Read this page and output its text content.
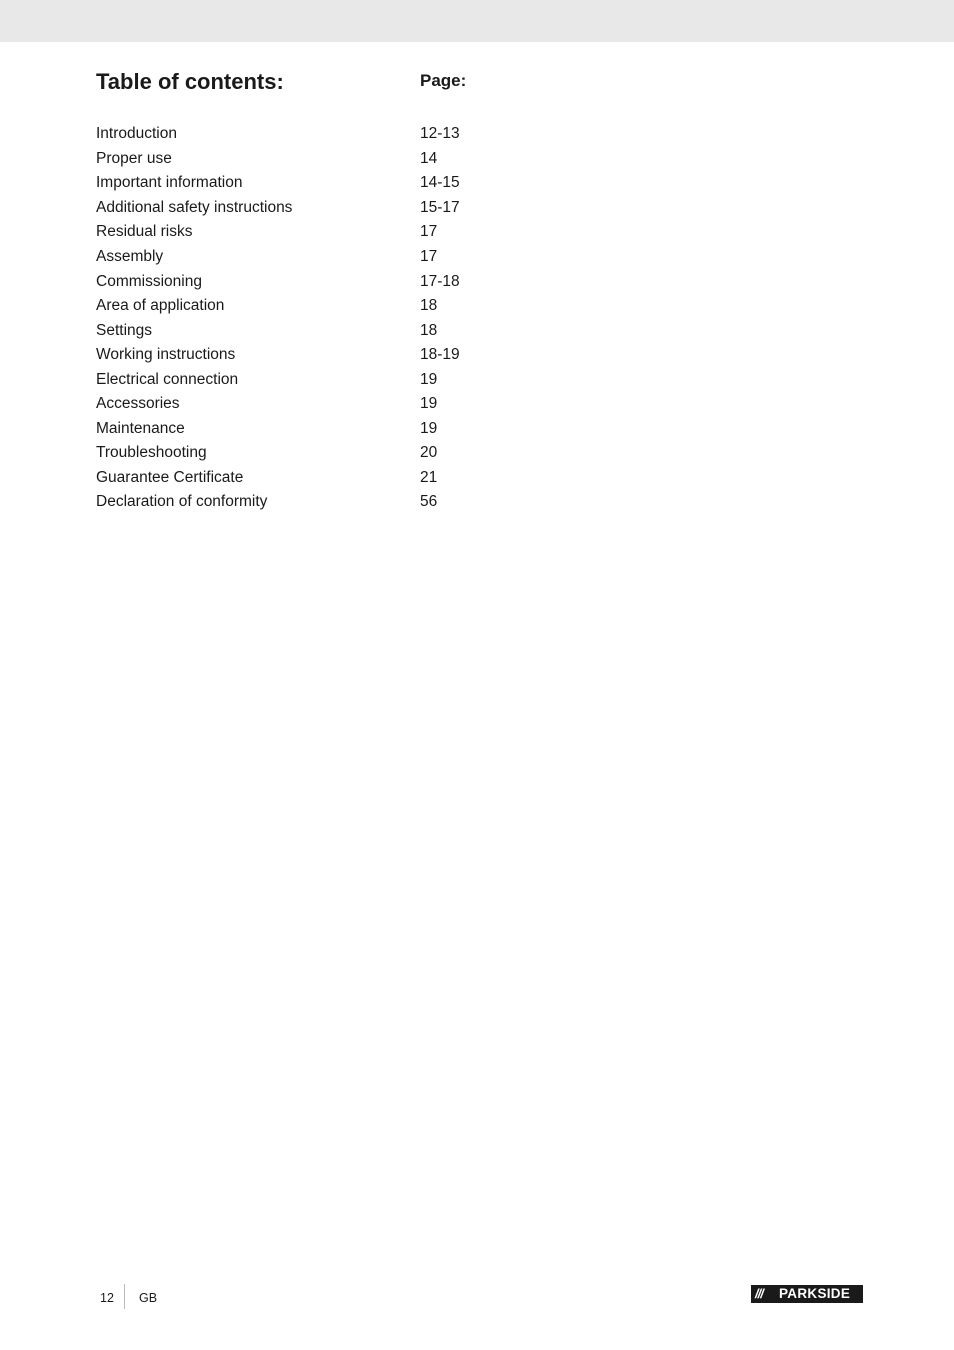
Table of contents:	Page:
Introduction	12-13
Proper use	14
Important information	14-15
Additional safety instructions	15-17
Residual risks	17
Assembly	17
Commissioning	17-18
Area of application	18
Settings	18
Working instructions	18-19
Electrical connection	19
Accessories	19
Maintenance	19
Troubleshooting	20
Guarantee Certificate	21
Declaration of conformity	56
12 GB	///	PARKSIDE
